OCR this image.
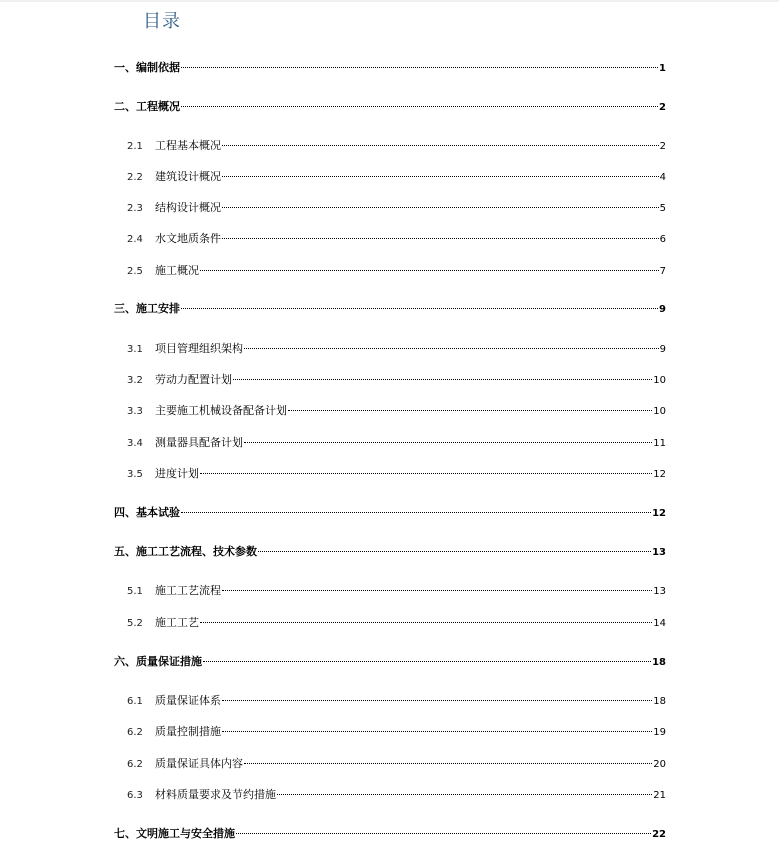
目录
一、编制依据	1
二、工程概况	2
2.1	工程基本概况	2
2.2	建筑设计概况	4
2.3	结构设计概况	5
2.4	水文地质条件	6
2.5	施工概况	7
三、施工安排	9
3.1	项目管理组织架构	9
3.2	劳动力配置计划	10
3.3	主要施工机械设备配备计划	10
3.4	测量器具配备计划	11
3.5	进度计划	12
四、基本试验	12
五、施工工艺流程、技术参数	13
5.1	施工工艺流程	13
5.2	施工工艺	14
六、质量保证措施	18
6.1	质量保证体系	18
6.2	质量控制措施	19
6.2	质量保证具体内容	20
6.3	材料质量要求及节约措施	21
七、文明施工与安全措施	22
